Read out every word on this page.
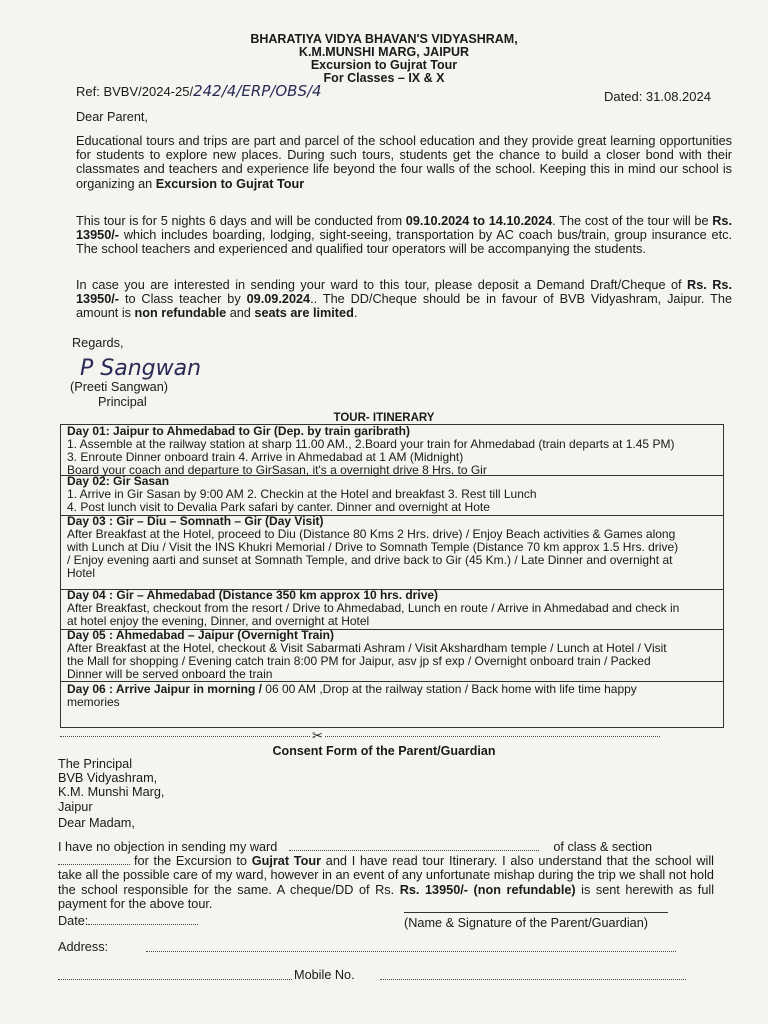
BHARATIYA VIDYA BHAVAN'S VIDYASHRAM,
K.M.MUNSHI MARG, JAIPUR
Excursion to Gujrat Tour
For Classes – IX & X
Ref: BVBV/2024-25/242/4/ERP/OBS/4	Dated: 31.08.2024
Dear Parent,
Educational tours and trips are part and parcel of the school education and they provide great learning opportunities for students to explore new places. During such tours, students get the chance to build a closer bond with their classmates and teachers and experience life beyond the four walls of the school. Keeping this in mind our school is organizing an Excursion to Gujrat Tour
This tour is for 5 nights 6 days and will be conducted from 09.10.2024 to 14.10.2024. The cost of the tour will be Rs. 13950/- which includes boarding, lodging, sight-seeing, transportation by AC coach bus/train, group insurance etc. The school teachers and experienced and qualified tour operators will be accompanying the students.
In case you are interested in sending your ward to this tour, please deposit a Demand Draft/Cheque of Rs. Rs. 13950/- to Class teacher by 09.09.2024.. The DD/Cheque should be in favour of BVB Vidyashram, Jaipur. The amount is non refundable and seats are limited.
Regards,
P Sangwan
(Preeti Sangwan)
Principal
TOUR- ITINERARY
Day 01: Jaipur to Ahmedabad to Gir (Dep. by train garibrath)
1. Assemble at the railway station at sharp 11.00 AM., 2.Board your train for Ahmedabad (train departs at 1.45 PM)
3. Enroute Dinner onboard train 4. Arrive in Ahmedabad at 1 AM (Midnight)
Board your coach and departure to GirSasan, it's a overnight drive 8 Hrs. to Gir
Day 02: Gir Sasan
1. Arrive in Gir Sasan by 9:00 AM 2. Checkin at the Hotel and breakfast 3. Rest till Lunch
4. Post lunch visit to Devalia Park safari by canter. Dinner and overnight at Hote
Day 03 : Gir – Diu – Somnath – Gir (Day Visit)
After Breakfast at the Hotel, proceed to Diu (Distance 80 Kms 2 Hrs. drive) / Enjoy Beach activities & Games along
with Lunch at Diu / Visit the INS Khukri Memorial / Drive to Somnath Temple (Distance 70 km approx 1.5 Hrs. drive)
/ Enjoy evening aarti and sunset at Somnath Temple, and drive back to Gir (45 Km.) / Late Dinner and overnight at
Hotel
Day 04 : Gir – Ahmedabad (Distance 350 km approx 10 hrs. drive)
After Breakfast, checkout from the resort / Drive to Ahmedabad, Lunch en route / Arrive in Ahmedabad and check in
at hotel enjoy the evening, Dinner, and overnight at Hotel
Day 05 : Ahmedabad – Jaipur (Overnight Train)
After Breakfast at the Hotel, checkout & Visit Sabarmati Ashram / Visit Akshardham temple / Lunch at Hotel / Visit
the Mall for shopping / Evening catch train 8:00 PM for Jaipur, asv jp sf exp / Overnight onboard train / Packed
Dinner will be served onboard the train
Day 06 : Arrive Jaipur in morning / 06 00 AM ,Drop at the railway station / Back home with life time happy
memories
✂
Consent Form of the Parent/Guardian
The Principal
BVB Vidyashram,
K.M. Munshi Marg,
Jaipur
Dear Madam,
I have no objection in sending my ward	of class & section
for the Excursion to Gujrat Tour and I have read tour Itinerary. I also understand that the school will take all the possible care of my ward, however in an event of any unfortunate mishap during the trip we shall not hold the school responsible for the same. A cheque/DD of Rs. Rs. 13950/- (non refundable) is sent herewith as full payment for the above tour.
Date:	(Name & Signature of the Parent/Guardian)
Address:
Mobile No.
